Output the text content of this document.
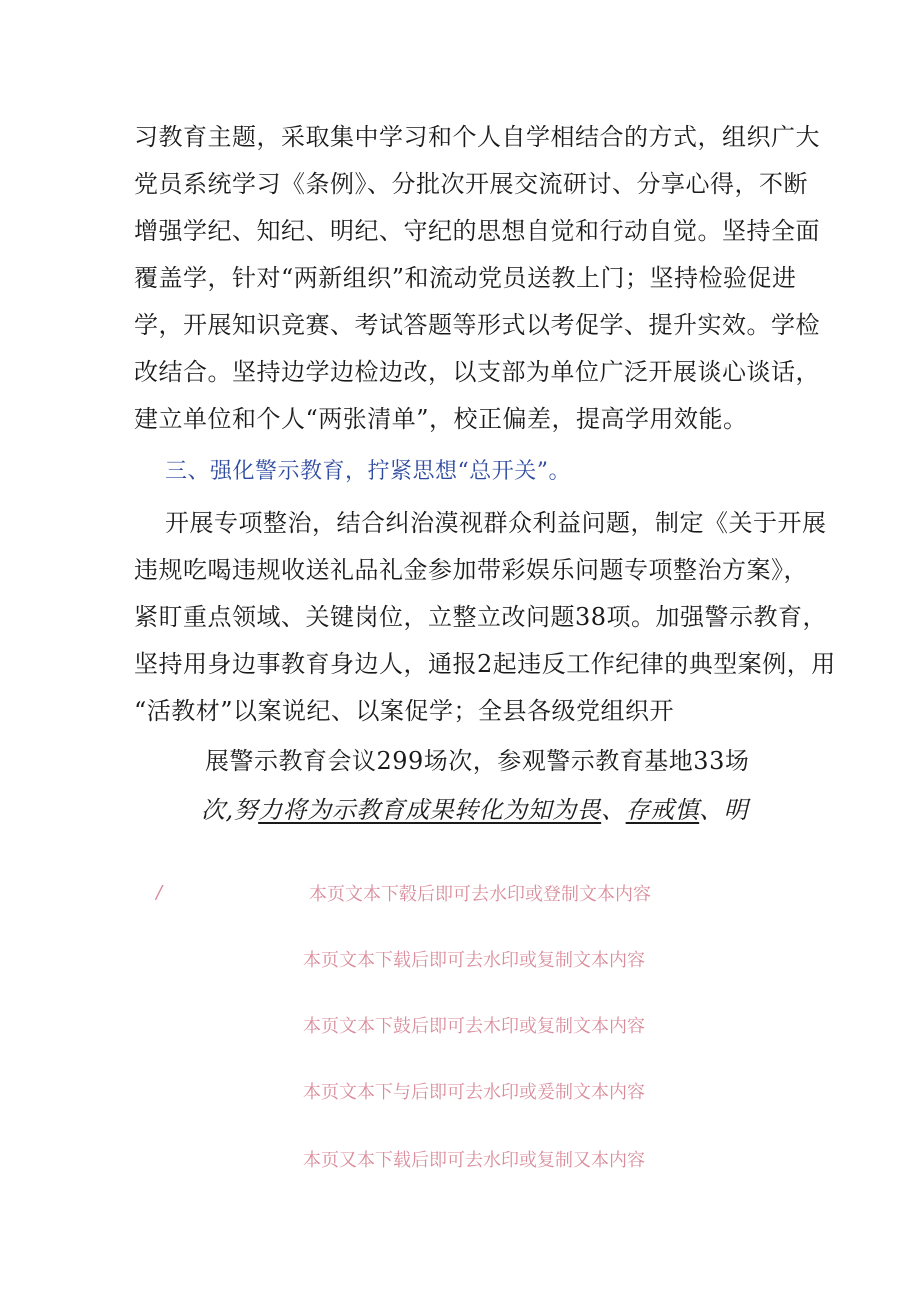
习教育主题，采取集中学习和个人自学相结合的方式，组织广大
党员系统学习《条例》、分批次开展交流研讨、分享心得，不断
增强学纪、知纪、明纪、守纪的思想自觉和行动自觉。坚持全面
覆盖学，针对“两新组织”和流动党员送教上门；坚持检验促进
学，开展知识竞赛、考试答题等形式以考促学、提升实效。学检
改结合。坚持边学边检边改，以支部为单位广泛开展谈心谈话，
建立单位和个人“两张清单”，校正偏差，提高学用效能。
三、强化警示教育，拧紧思想“总开关”。
开展专项整治，结合纠治漠视群众利益问题，制定《关于开展
违规吃喝违规收送礼品礼金参加带彩娱乐问题专项整治方案》，
紧盯重点领域、关键岗位，立整立改问题38项。加强警示教育，
坚持用身边事教育身边人，通报2起违反工作纪律的典型案例，用
“活教材”以案说纪、以案促学；全县各级党组织开
展警示教育会议299场次，参观警示教育基地33场
次,努力将为示教育成果转化为知为畏、存戒慎、明
/	本页文本下毂后即可去水印或登制文本内容
本页文本下载后即可去水印或复制文本内容
本页文本下鼓后即可去木印或复制文本内容
本页文本下与后即可去水印或爰制文本内容
本页又本下载后即可去水印或复制又本内容
